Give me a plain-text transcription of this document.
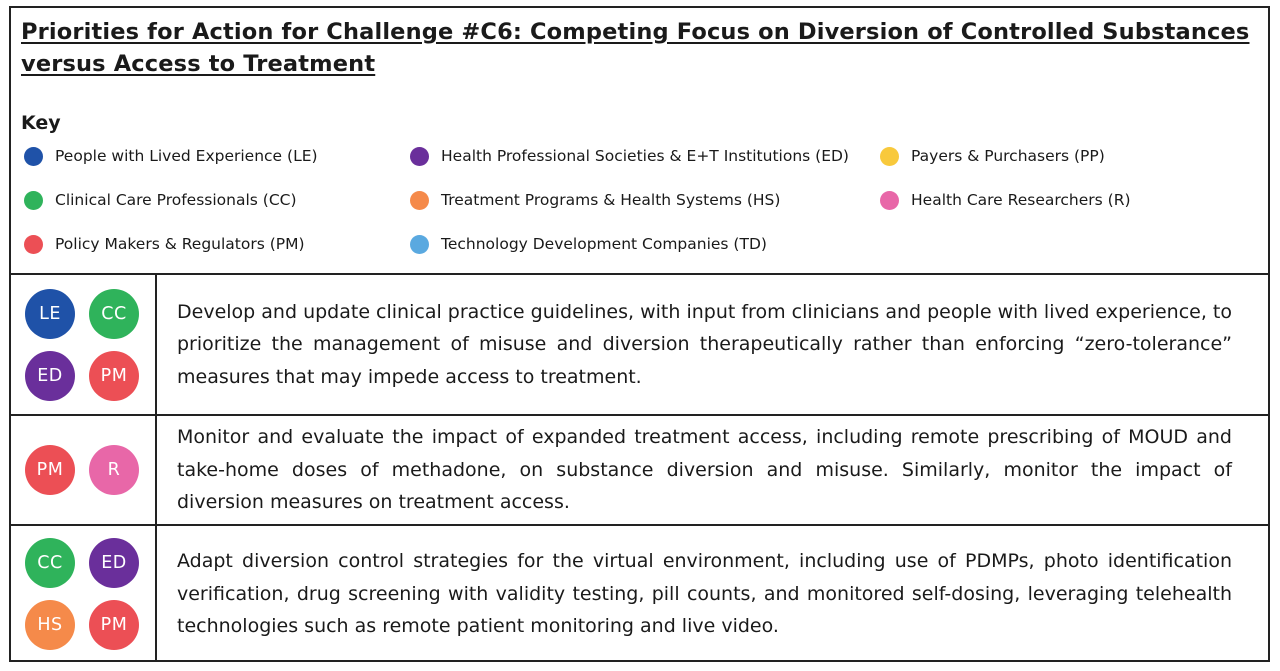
Priorities for Action for Challenge #C6: Competing Focus on Diversion of Controlled Substances versus Access to Treatment
Key
People with Lived Experience (LE)	Health Professional Societies & E+T Institutions (ED)	Payers & Purchasers (PP)
Clinical Care Professionals (CC)	Treatment Programs & Health Systems (HS)	Health Care Researchers (R)
Policy Makers & Regulators (PM)	Technology Development Companies (TD)
LE	CC
ED	PM
Develop and update clinical practice guidelines, with input from clinicians and people with lived experience, to prioritize the management of misuse and diversion therapeutically rather than enforcing “zero-tolerance” measures that may impede access to treatment.
PM	R
Monitor and evaluate the impact of expanded treatment access, including remote prescribing of MOUD and take-home doses of methadone, on substance diversion and misuse. Similarly, monitor the impact of diversion measures on treatment access.
CC	ED
HS	PM
Adapt diversion control strategies for the virtual environment, including use of PDMPs, photo identification verification, drug screening with validity testing, pill counts, and monitored self-dosing, leveraging telehealth technologies such as remote patient monitoring and live video.
